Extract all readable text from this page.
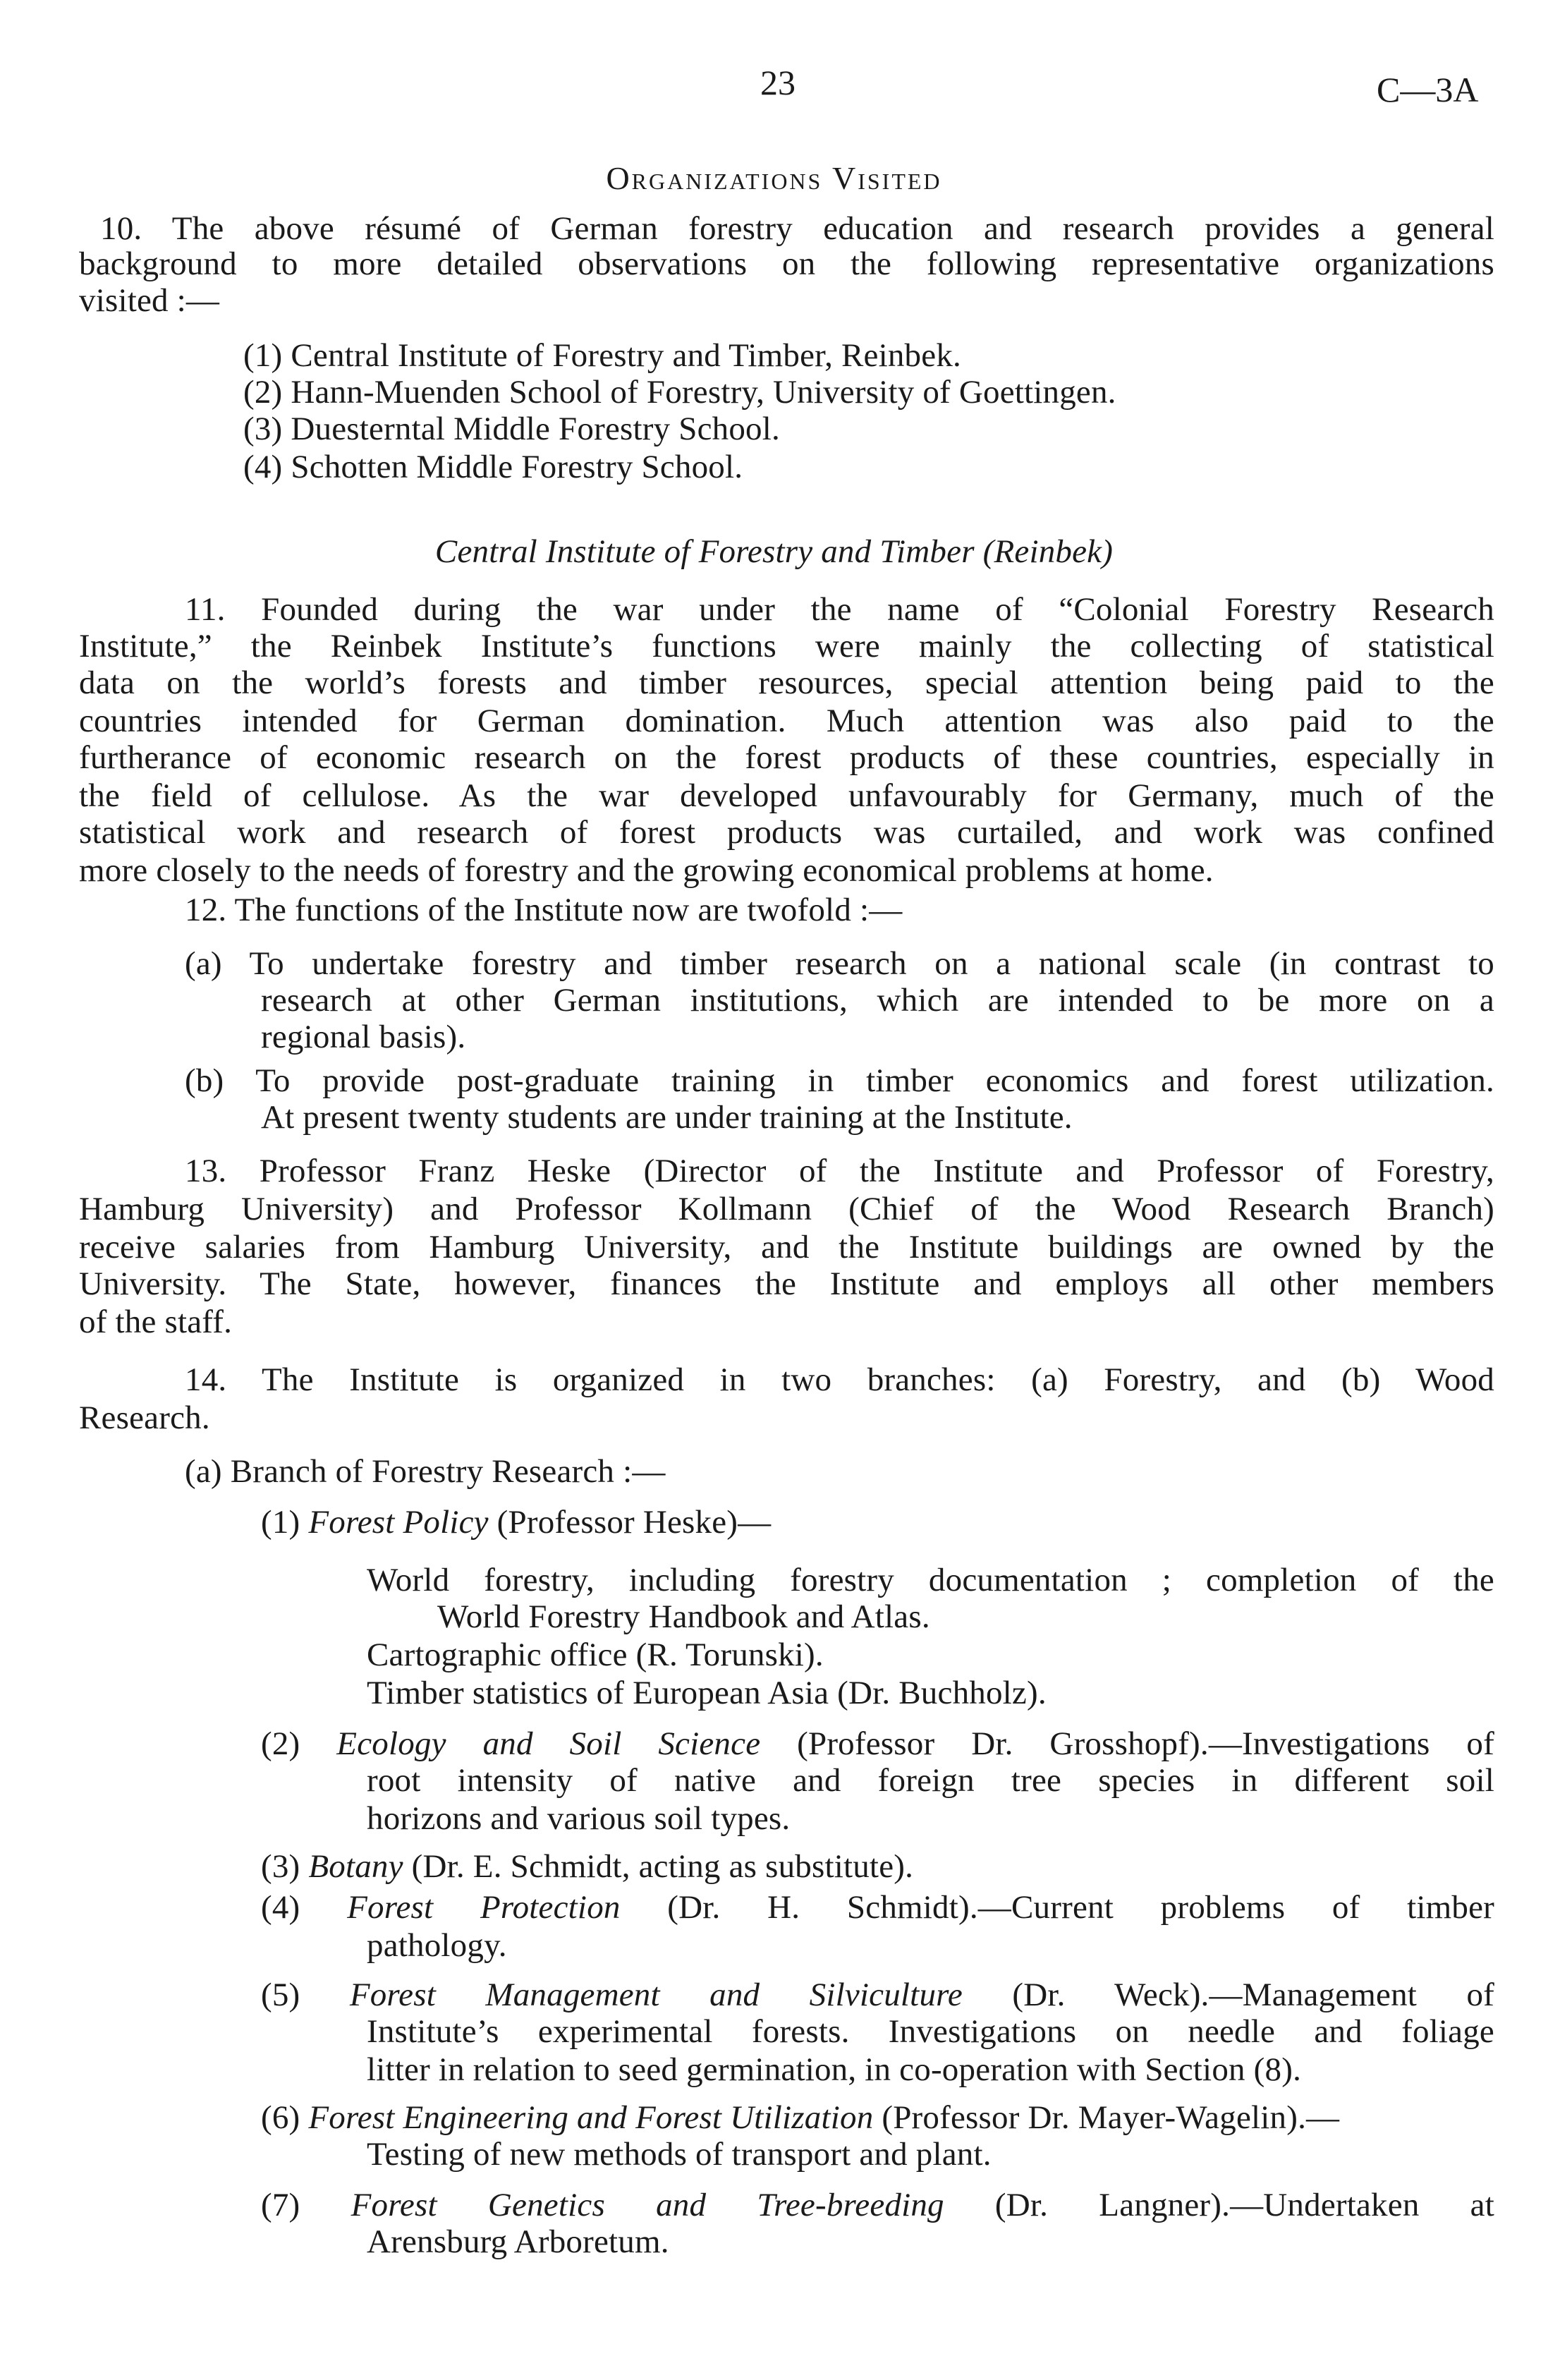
23	C—3A
Organizations Visited
10. The above résumé of German forestry education and research provides a general
background to more detailed observations on the following representative organizations
visited :—
(1) Central Institute of Forestry and Timber, Reinbek.
(2) Hann-Muenden School of Forestry, University of Goettingen.
(3) Duesterntal Middle Forestry School.
(4) Schotten Middle Forestry School.
Central Institute of Forestry and Timber (Reinbek)
11. Founded during the war under the name of “Colonial Forestry Research
Institute,” the Reinbek Institute’s functions were mainly the collecting of statistical
data on the world’s forests and timber resources, special attention being paid to the
countries intended for German domination. Much attention was also paid to the
furtherance of economic research on the forest products of these countries, especially in
the field of cellulose. As the war developed unfavourably for Germany, much of the
statistical work and research of forest products was curtailed, and work was confined
more closely to the needs of forestry and the growing economical problems at home.
12. The functions of the Institute now are twofold :—
(a) To undertake forestry and timber research on a national scale (in contrast to
research at other German institutions, which are intended to be more on a
regional basis).
(b) To provide post-graduate training in timber economics and forest utilization.
At present twenty students are under training at the Institute.
13. Professor Franz Heske (Director of the Institute and Professor of Forestry,
Hamburg University) and Professor Kollmann (Chief of the Wood Research Branch)
receive salaries from Hamburg University, and the Institute buildings are owned by the
University. The State, however, finances the Institute and employs all other members
of the staff.
14. The Institute is organized in two branches: (a) Forestry, and (b) Wood
Research.
(a) Branch of Forestry Research :—
(1) Forest Policy (Professor Heske)—
World forestry, including forestry documentation ; completion of the
World Forestry Handbook and Atlas.
Cartographic office (R. Torunski).
Timber statistics of European Asia (Dr. Buchholz).
(2) Ecology and Soil Science (Professor Dr. Grosshopf).—Investigations of
root intensity of native and foreign tree species in different soil
horizons and various soil types.
(3) Botany (Dr. E. Schmidt, acting as substitute).
(4) Forest Protection (Dr. H. Schmidt).—Current problems of timber
pathology.
(5) Forest Management and Silviculture (Dr. Weck).—Management of
Institute’s experimental forests. Investigations on needle and foliage
litter in relation to seed germination, in co-operation with Section (8).
(6) Forest Engineering and Forest Utilization (Professor Dr. Mayer-Wagelin).—
Testing of new methods of transport and plant.
(7) Forest Genetics and Tree-breeding (Dr. Langner).—Undertaken at
Arensburg Arboretum.
